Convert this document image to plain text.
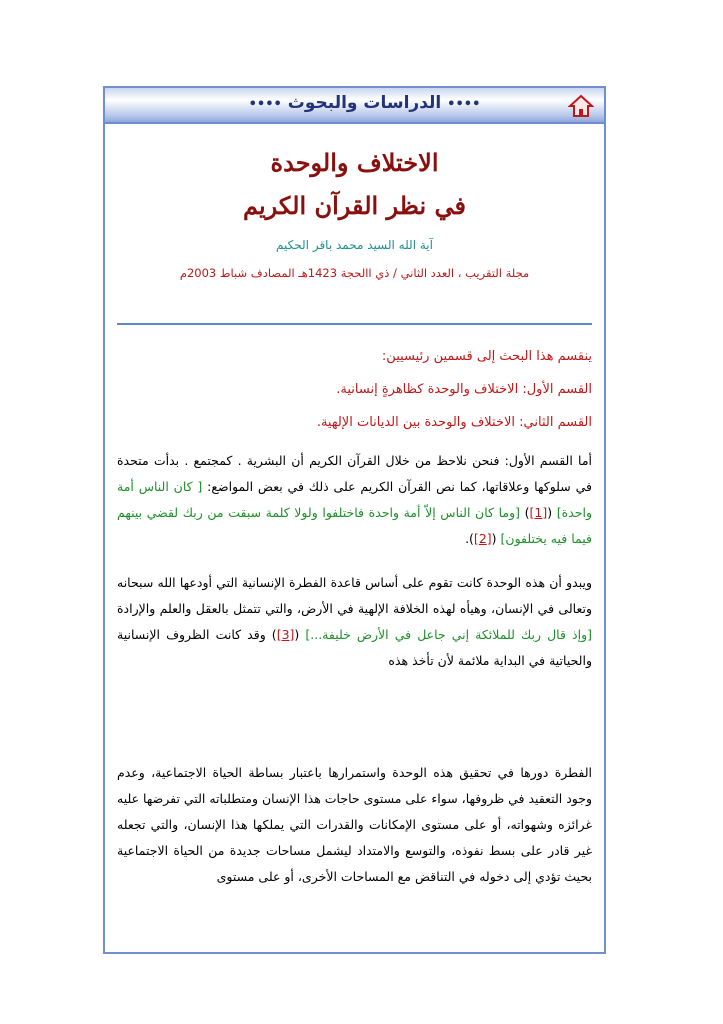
•••• الدراسات والبحوث ••••
الاختلاف والوحدة
في نظر القرآن الكريم
آية الله السيد محمد باقر الحكيم
مجلة التقريب ، العدد الثاني / ذي االحجة 1423هـ المصادف شباط 2003م
ينقسم هذا البحث إلى قسمين رئيسيين:
القسم الأول: الاختلاف والوحدة كظاهرةٍ إنسانية.
القسم الثاني: الاختلاف والوحدة بين الديانات الإلهية.

أما القسم الأول: فنحن نلاحظ من خلال القرآن الكريم أن البشرية . كمجتمع . بدأت متحدة في سلوكها وعلاقاتها، كما نص القرآن الكريم على ذلك في بعض المواضع: [ كان الناس أمة واحدة] ([1]) [وما كان الناس إلاّ أمة واحدة فاختلفوا ولولا كلمة سبقت من ربك لقضي بينهم فيما فيه يختلفون] ([2]).

ويبدو أن هذه الوحدة كانت تقوم على أساس قاعدة الفطرة الإنسانية التي أودعها الله سبحانه وتعالى في الإنسان، وهيأه لهذه الخلافة الإلهية في الأرض، والتي تتمثل بالعقل والعلم والإرادة [وإذ قال ربك للملائكة إني جاعل في الأرض خليفة...] ([3]) وقد كانت الظروف الإنسانية والحياتية في البداية ملائمة لأن تأخذ هذه

الفطرة دورها في تحقيق هذه الوحدة واستمرارها باعتبار بساطة الحياة الاجتماعية، وعدم وجود التعقيد في ظروفها، سواء على مستوى حاجات هذا الإنسان ومتطلباته التي تفرضها عليه غرائزه وشهواته، أو على مستوى الإمكانات والقدرات التي يملكها هذا الإنسان، والتي تجعله غير قادر على بسط نفوذه، والتوسع والامتداد ليشمل مساحات جديدة من الحياة الاجتماعية بحيث تؤدي إلى دخوله في التناقض مع المساحات الأخرى، أو على مستوى
